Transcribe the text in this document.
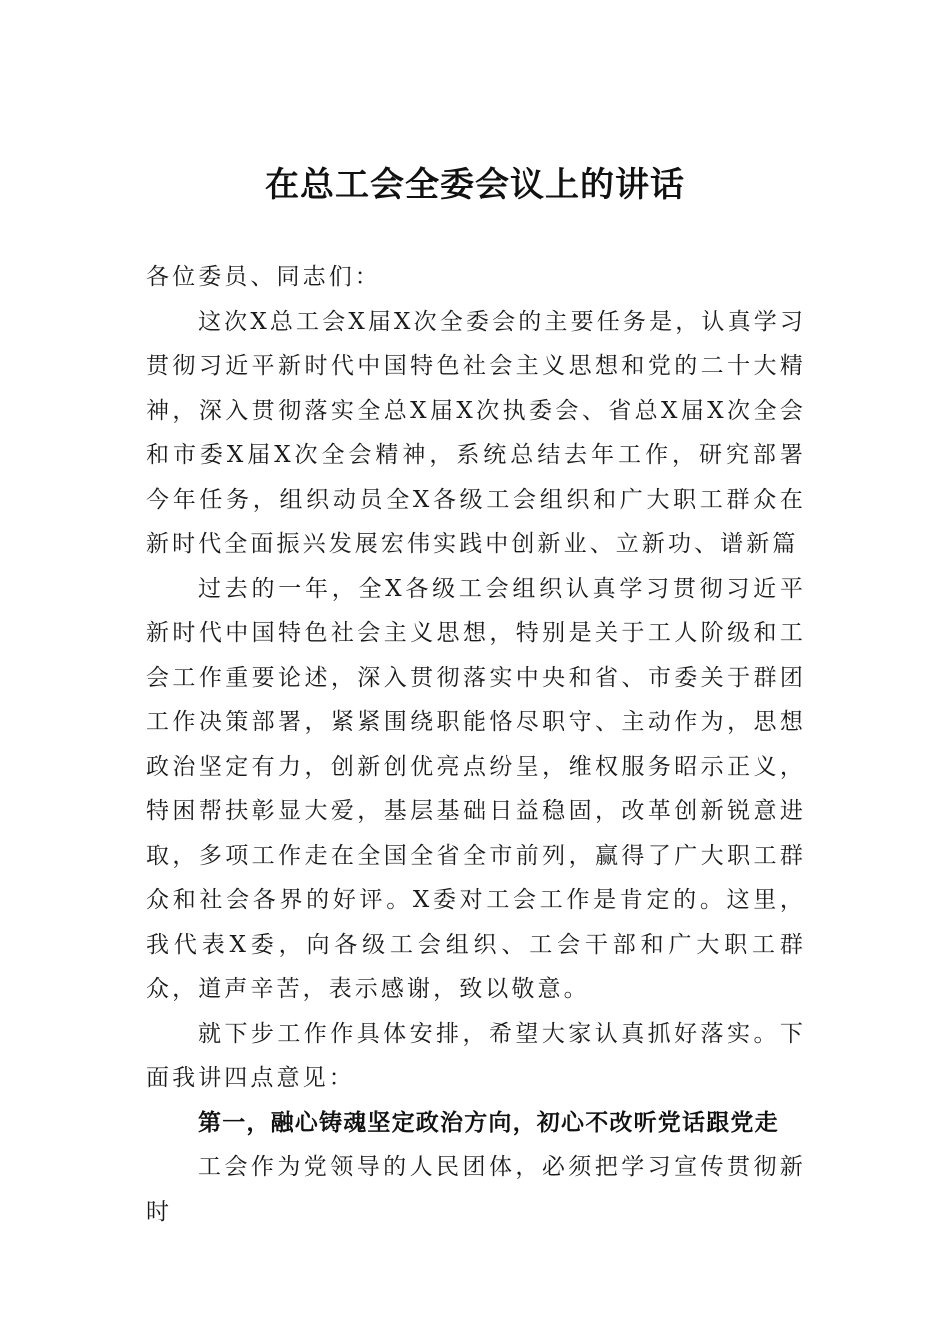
在总工会全委会议上的讲话

各位委员、同志们：

这次X总工会X届X次全委会的主要任务是，认真学习贯彻习近平新时代中国特色社会主义思想和党的二十大精神，深入贯彻落实全总X届X次执委会、省总X届X次全会和市委X届X次全会精神，系统总结去年工作，研究部署今年任务，组织动员全X各级工会组织和广大职工群众在新时代全面振兴发展宏伟实践中创新业、立新功、谱新篇

过去的一年，全X各级工会组织认真学习贯彻习近平新时代中国特色社会主义思想，特别是关于工人阶级和工会工作重要论述，深入贯彻落实中央和省、市委关于群团工作决策部署，紧紧围绕职能恪尽职守、主动作为，思想政治坚定有力，创新创优亮点纷呈，维权服务昭示正义，特困帮扶彰显大爱，基层基础日益稳固，改革创新锐意进取，多项工作走在全国全省全市前列，赢得了广大职工群众和社会各界的好评。X委对工会工作是肯定的。这里，我代表X委，向各级工会组织、工会干部和广大职工群众，道声辛苦，表示感谢，致以敬意。

就下步工作作具体安排，希望大家认真抓好落实。下面我讲四点意见：

第一，融心铸魂坚定政治方向，初心不改听党话跟党走

工会作为党领导的人民团体，必须把学习宣传贯彻新时
